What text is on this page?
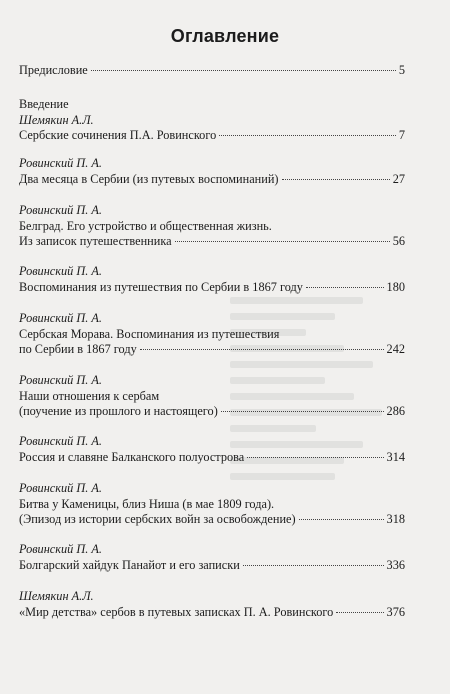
Оглавление
Предисловие	5
Введение
Шемякин А.Л.
Сербские сочинения П.А. Ровинского	7
Ровинский П. А.
Два месяца в Сербии (из путевых воспоминаний)	27
Ровинский П. А.
Белград. Его устройство и общественная жизнь.
Из записок путешественника	56
Ровинский П. А.
Воспоминания из путешествия по Сербии в 1867 году	180
Ровинский П. А.
Сербская Морава. Воспоминания из путешествия
по Сербии в 1867 году	242
Ровинский П. А.
Наши отношения к сербам
(поучение из прошлого и настоящего)	286
Ровинский П. А.
Россия и славяне Балканского полуострова	314
Ровинский П. А.
Битва у Каменицы, близ Ниша (в мае 1809 года).
(Эпизод из истории сербских войн за освобождение)	318
Ровинский П. А.
Болгарский хайдук Панайот и его записки	336
Шемякин А.Л.
«Мир детства» сербов в путевых записках П. А. Ровинского	376
